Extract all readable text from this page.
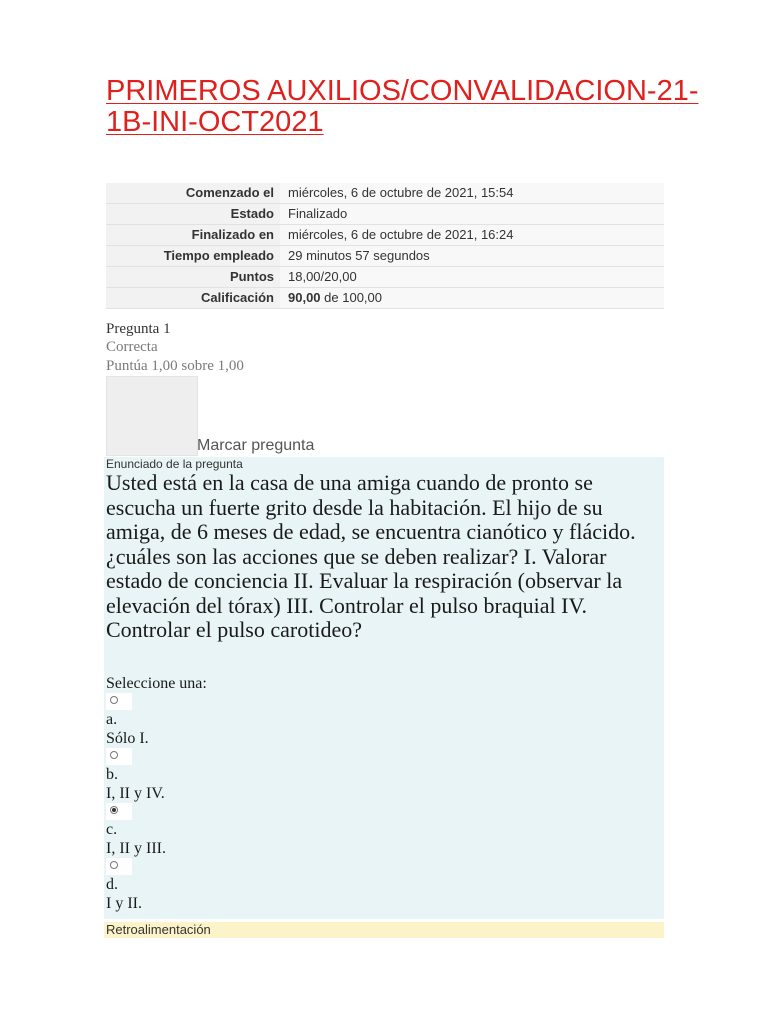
PRIMEROS AUXILIOS/CONVALIDACION-21-1B-INI-OCT2021
Comenzado el	miércoles, 6 de octubre de 2021, 15:54
Estado	Finalizado
Finalizado en	miércoles, 6 de octubre de 2021, 16:24
Tiempo empleado	29 minutos 57 segundos
Puntos	18,00/20,00
Calificación	90,00 de 100,00
Pregunta 1
Correcta
Puntúa 1,00 sobre 1,00
Marcar pregunta
Enunciado de la pregunta

Usted está en la casa de una amiga cuando de pronto se escucha un fuerte grito desde la habitación. El hijo de su amiga, de 6 meses de edad, se encuentra cianótico y flácido. ¿cuáles son las acciones que se deben realizar? I. Valorar estado de conciencia II. Evaluar la respiración (observar la elevación del tórax) III. Controlar el pulso braquial IV. Controlar el pulso carotideo?

Seleccione una:
a.
Sólo I.
b.
I, II y IV.
c.
I, II y III.
d.
I y II.
Retroalimentación
